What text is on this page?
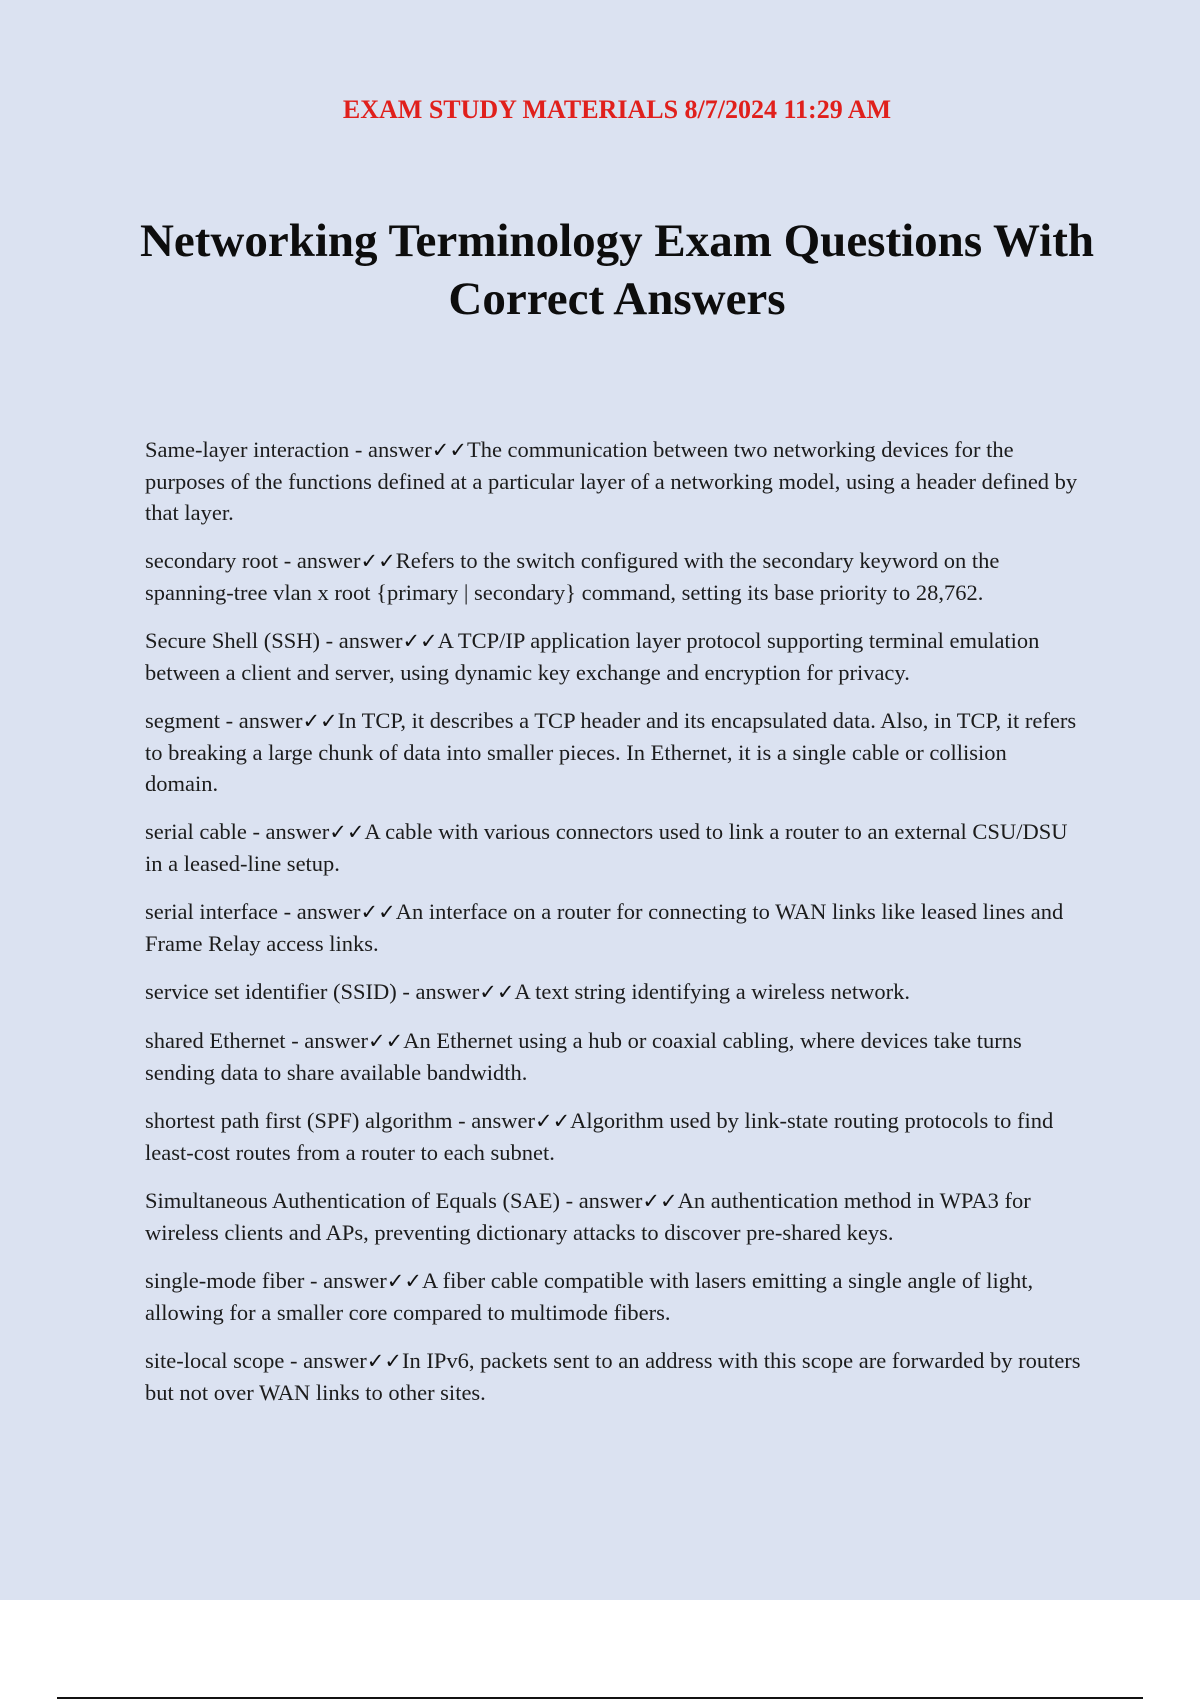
EXAM STUDY MATERIALS 8/7/2024 11:29 AM
Networking Terminology Exam Questions With Correct Answers

Same-layer interaction - answer✓✓The communication between two networking devices for the purposes of the functions defined at a particular layer of a networking model, using a header defined by that layer.

secondary root - answer✓✓Refers to the switch configured with the secondary keyword on the spanning-tree vlan x root {primary | secondary} command, setting its base priority to 28,762.

Secure Shell (SSH) - answer✓✓A TCP/IP application layer protocol supporting terminal emulation between a client and server, using dynamic key exchange and encryption for privacy.

segment - answer✓✓In TCP, it describes a TCP header and its encapsulated data. Also, in TCP, it refers to breaking a large chunk of data into smaller pieces. In Ethernet, it is a single cable or collision domain.

serial cable - answer✓✓A cable with various connectors used to link a router to an external CSU/DSU in a leased-line setup.

serial interface - answer✓✓An interface on a router for connecting to WAN links like leased lines and Frame Relay access links.

service set identifier (SSID) - answer✓✓A text string identifying a wireless network.

shared Ethernet - answer✓✓An Ethernet using a hub or coaxial cabling, where devices take turns sending data to share available bandwidth.

shortest path first (SPF) algorithm - answer✓✓Algorithm used by link-state routing protocols to find least-cost routes from a router to each subnet.

Simultaneous Authentication of Equals (SAE) - answer✓✓An authentication method in WPA3 for wireless clients and APs, preventing dictionary attacks to discover pre-shared keys.

single-mode fiber - answer✓✓A fiber cable compatible with lasers emitting a single angle of light, allowing for a smaller core compared to multimode fibers.

site-local scope - answer✓✓In IPv6, packets sent to an address with this scope are forwarded by routers but not over WAN links to other sites.
